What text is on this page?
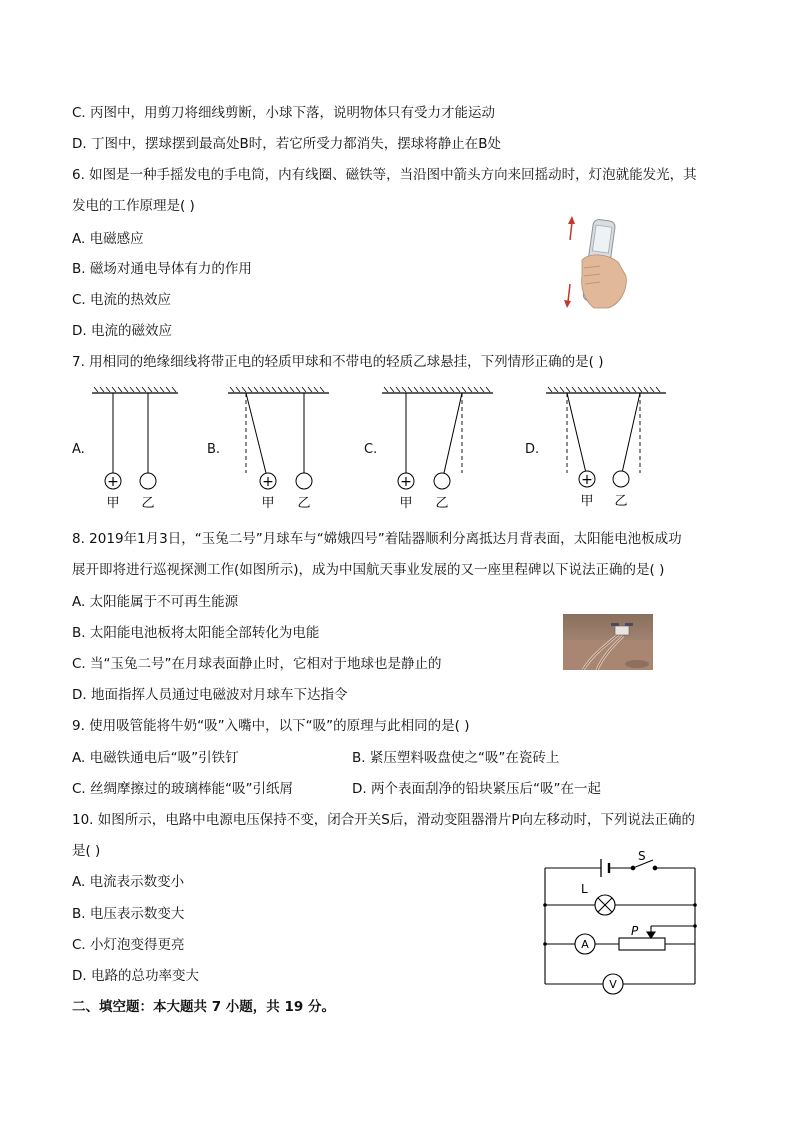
C. 丙图中，用剪刀将细线剪断，小球下落，说明物体只有受力才能运动
D. 丁图中，摆球摆到最高处B时，若它所受力都消失，摆球将静止在B处
6. 如图是一种手摇发电的手电筒，内有线圈、磁铁等，当沿图中箭头方向来回摇动时，灯泡就能发光，其
发电的工作原理是( )
A. 电磁感应
B. 磁场对通电导体有力的作用
C. 电流的热效应
D. 电流的磁效应
7. 用相同的绝缘细线将带正电的轻质甲球和不带电的轻质乙球悬挂，下列情形正确的是( )
A.
+
甲 乙
B.
+
甲 乙
C.
+
甲 乙
D.
+
甲 乙
8. 2019年1月3日，“玉兔二号”月球车与“嫦娥四号”着陆器顺利分离抵达月背表面，太阳能电池板成功
展开即将进行巡视探测工作(如图所示)，成为中国航天事业发展的又一座里程碑以下说法正确的是( )
A. 太阳能属于不可再生能源
B. 太阳能电池板将太阳能全部转化为电能
C. 当“玉兔二号”在月球表面静止时，它相对于地球也是静止的
D. 地面指挥人员通过电磁波对月球车下达指令
9. 使用吸管能将牛奶“吸”入嘴中，以下“吸”的原理与此相同的是( )
A. 电磁铁通电后“吸”引铁钉	B. 紧压塑料吸盘使之“吸”在瓷砖上
C. 丝绸摩擦过的玻璃棒能“吸”引纸屑	D. 两个表面刮净的铅块紧压后“吸”在一起
10. 如图所示，电路中电源电压保持不变，闭合开关S后，滑动变阻器滑片P向左移动时，下列说法正确的
是( )
A. 电流表示数变小
B. 电压表示数变大
C. 小灯泡变得更亮
D. 电路的总功率变大
S
L
P
A
V
二、填空题：本大题共 7 小题，共 19 分。
